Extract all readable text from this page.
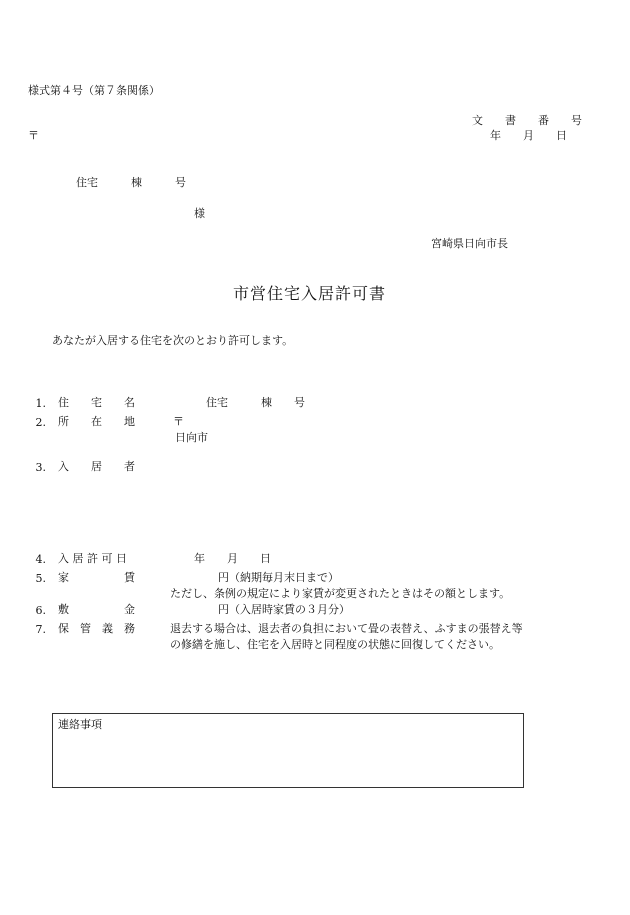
様式第４号（第７条関係）
文　　書　　番　　号
〒	年　　月　　日
住宅　　　棟　　　号
様
宮崎県日向市長
市営住宅入居許可書
あなたが入居する住宅を次のとおり許可します。
1. 住　　宅　　名	住宅　　　棟　　号
2. 所　　在　　地	〒
日向市
3. 入　　居　　者
4. 入 居 許 可 日	年　　月　　日
5. 家　　　　　賃	円（納期毎月末日まで）
ただし、条例の規定により家賃が変更されたときはその額とします。
6. 敷　　　　　金	円（入居時家賃の３月分）
7. 保　管　義　務	退去する場合は、退去者の負担において畳の表替え、ふすまの張替え等
の修繕を施し、住宅を入居時と同程度の状態に回復してください。
連絡事項
